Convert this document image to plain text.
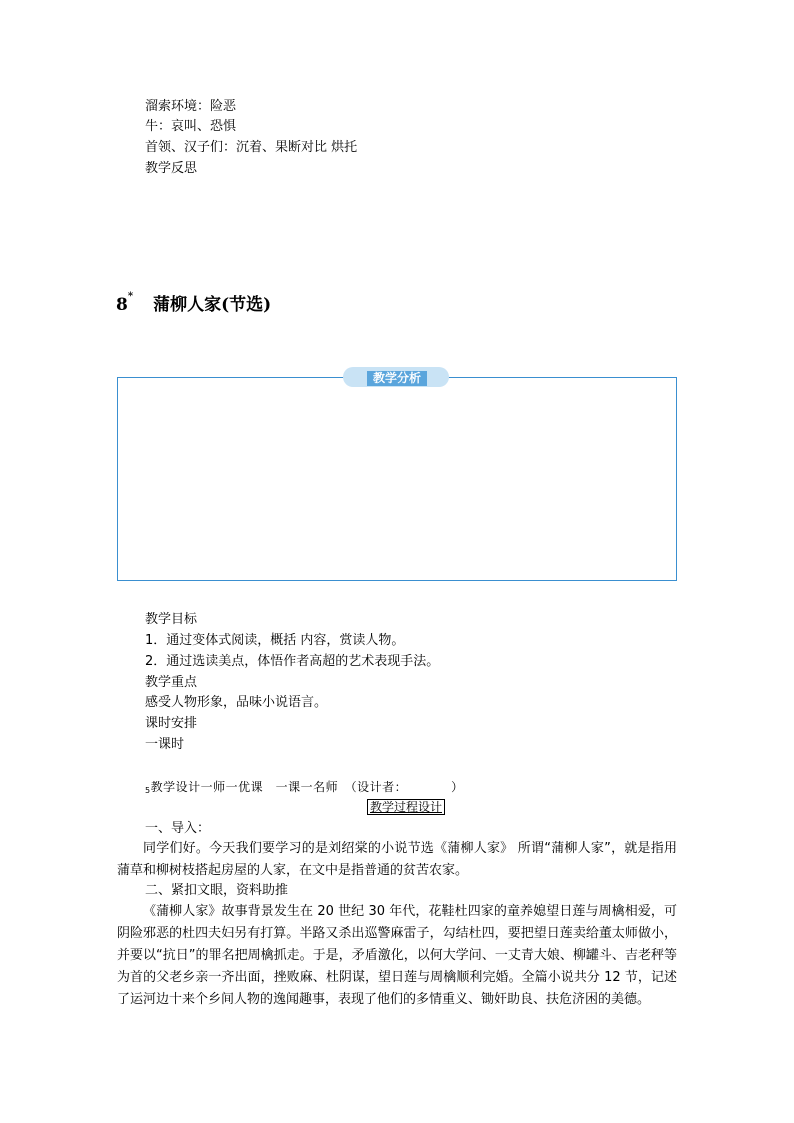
溜索环境：险恶
牛：哀叫、恐惧
首领、汉子们：沉着、果断对比 烘托
教学反思
8* 蒲柳人家(节选)
教学分析
教学目标
1．通过变体式阅读，概括 内容，赏读人物。
2．通过选读美点，体悟作者高超的艺术表现手法。
教学重点
感受人物形象，品味小说语言。
课时安排
一课时
5教学设计一师一优课　一课一名师　（设计者：　　　　）
教学过程设计
一、导入：
同学们好。今天我们要学习的是刘绍棠的小说节选《蒲柳人家》 所谓“蒲柳人家”，就是指用蒲草和柳树枝搭起房屋的人家，在文中是指普通的贫苦农家。
二、紧扣文眼，资料助推
《蒲柳人家》故事背景发生在 20 世纪 30 年代，花鞋杜四家的童养媳望日莲与周檎相爱，可阴险邪恶的杜四夫妇另有打算。半路又杀出巡警麻雷子，勾结杜四，要把望日莲卖给董太师做小，并要以“抗日”的罪名把周檎抓走。于是，矛盾激化，以何大学问、一丈青大娘、柳罐斗、吉老秤等为首的父老乡亲一齐出面，挫败麻、杜阴谋，望日莲与周檎顺利完婚。全篇小说共分 12 节，记述了运河边十来个乡间人物的逸闻趣事，表现了他们的多情重义、锄奸助良、扶危济困的美德。
